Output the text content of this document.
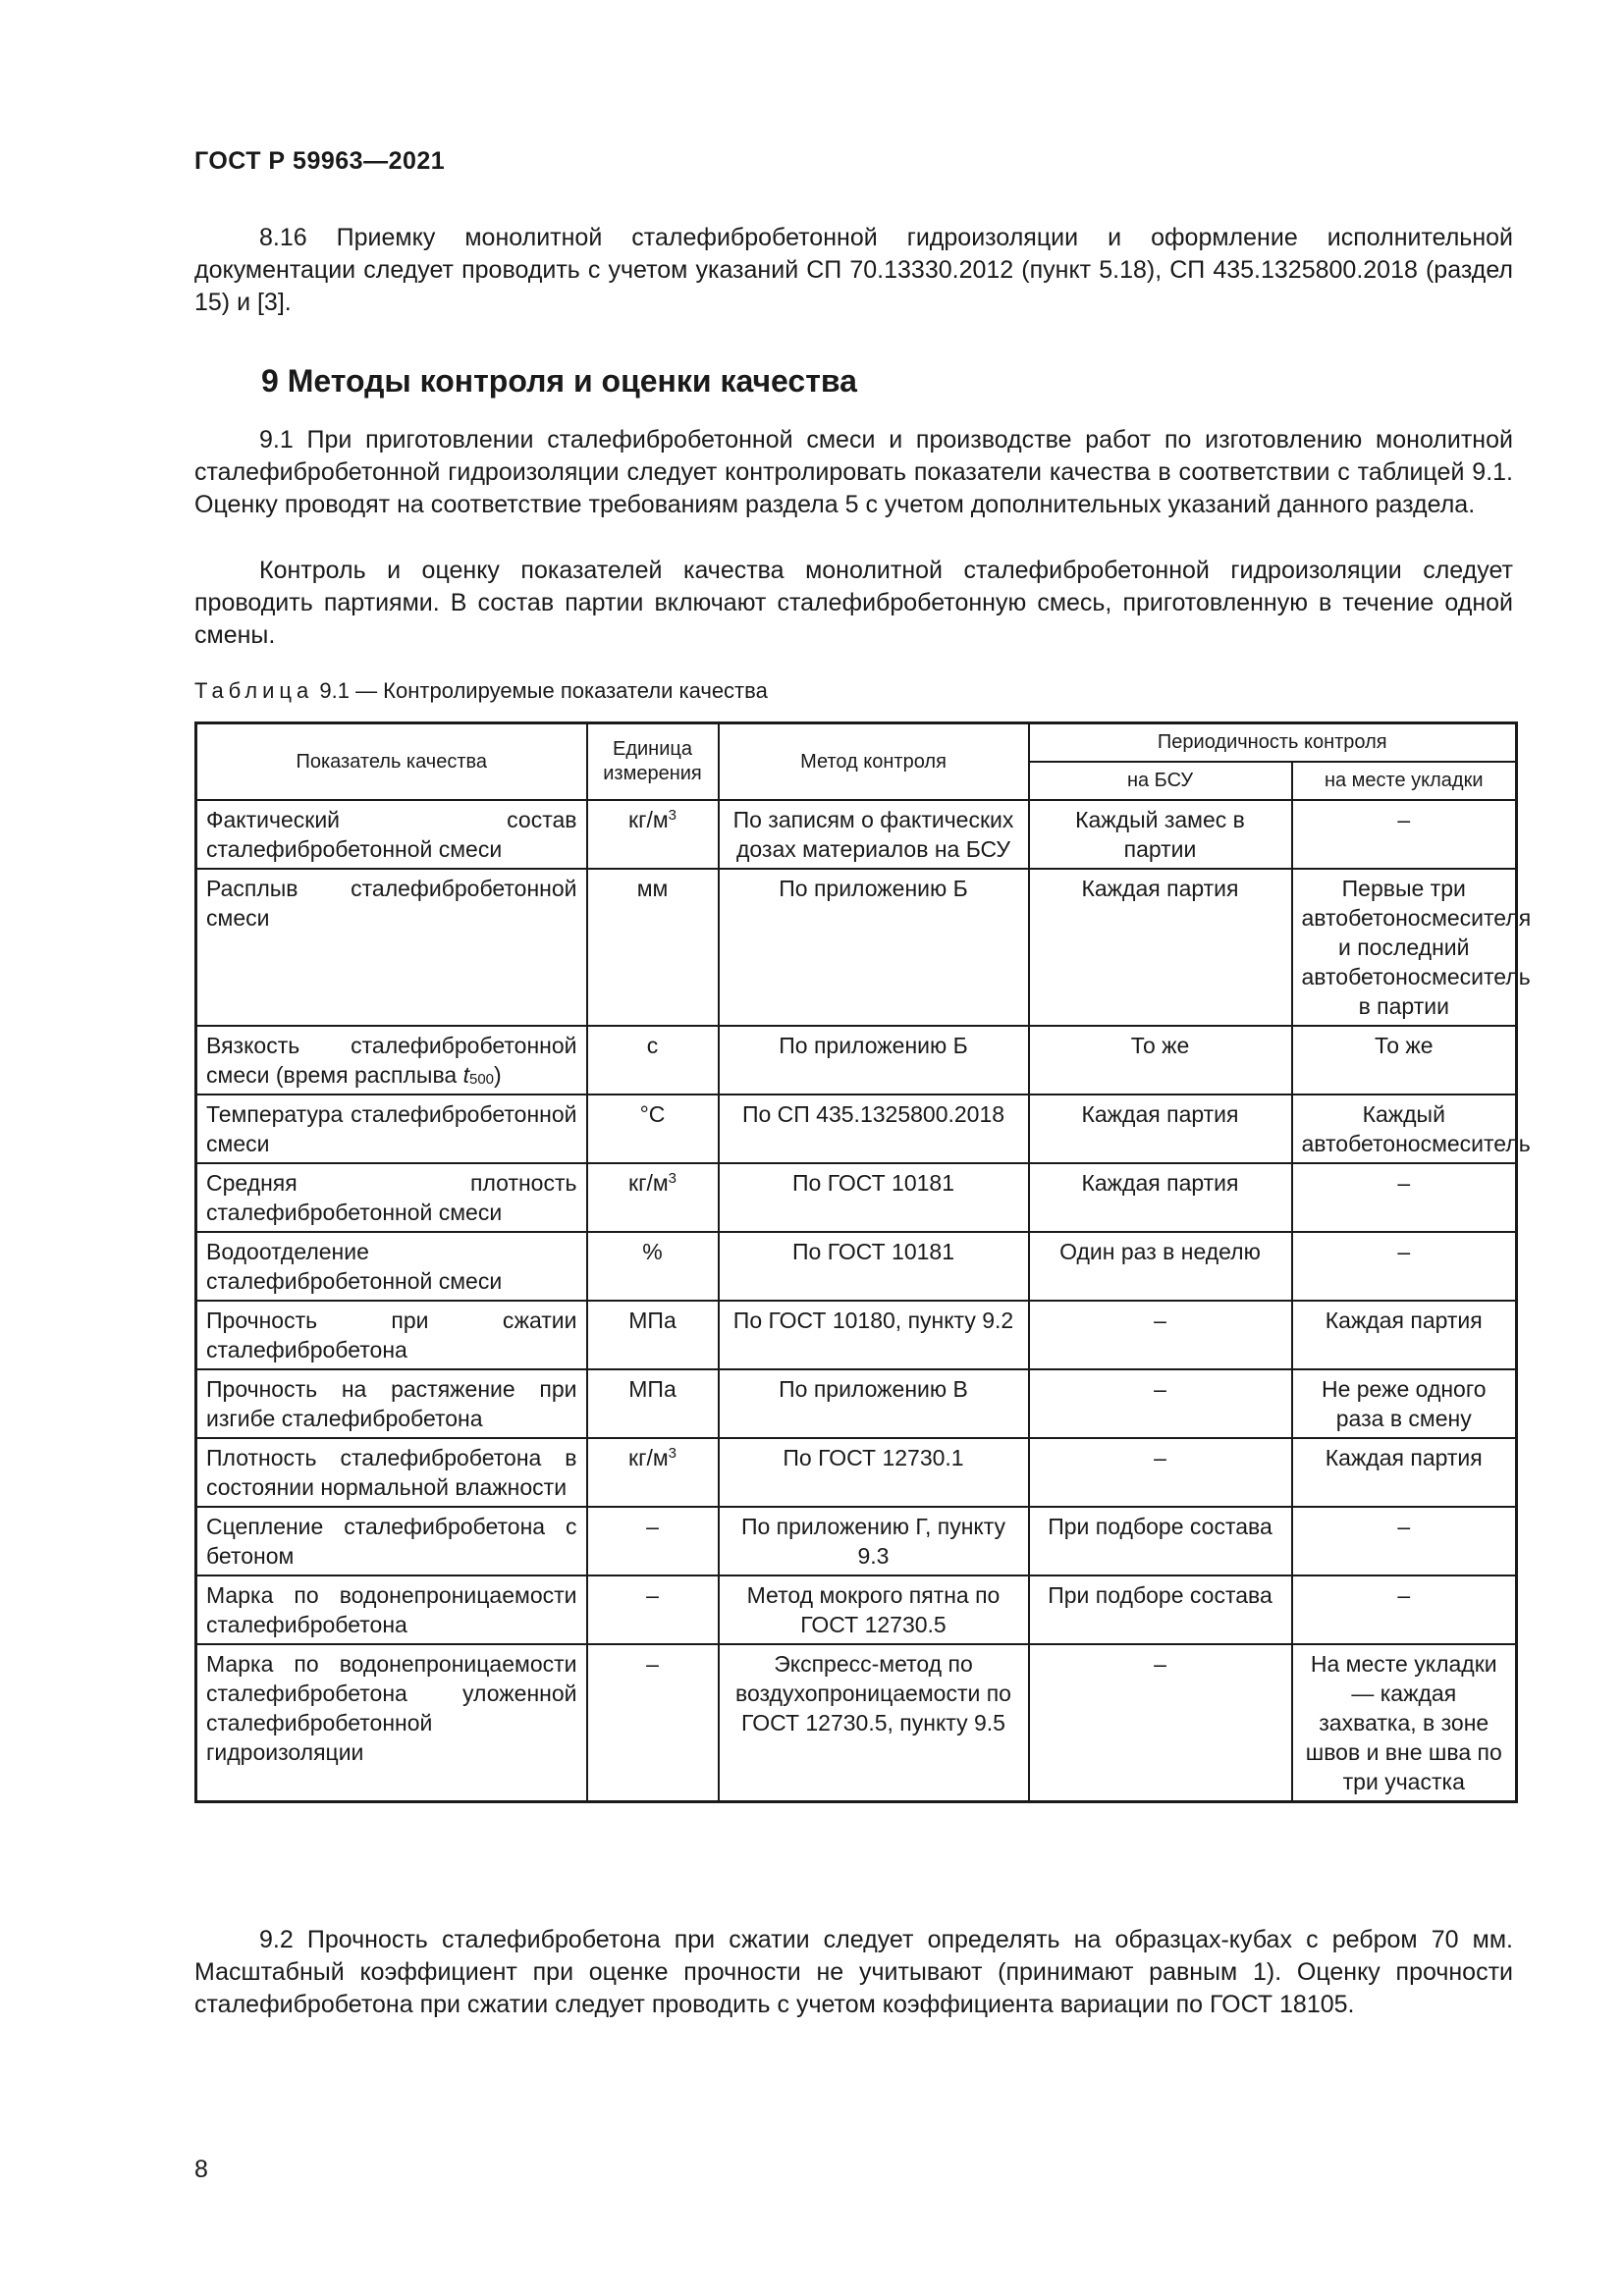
ГОСТ Р 59963—2021

8.16 Приемку монолитной сталефибробетонной гидроизоляции и оформление исполнительной документации следует проводить с учетом указаний СП 70.13330.2012 (пункт 5.18), СП 435.1325800.2018 (раздел 15) и [3].

9 Методы контроля и оценки качества

9.1 При приготовлении сталефибробетонной смеси и производстве работ по изготовлению монолитной сталефибробетонной гидроизоляции следует контролировать показатели качества в соответствии с таблицей 9.1. Оценку проводят на соответствие требованиям раздела 5 с учетом дополнительных указаний данного раздела.

Контроль и оценку показателей качества монолитной сталефибробетонной гидроизоляции следует проводить партиями. В состав партии включают сталефибробетонную смесь, приготовленную в течение одной смены.

Таблица 9.1 — Контролируемые показатели качества
Показатель качества	Единица измерения	Метод контроля	Периодичность контроля	
			на БСУ	на месте укладки
Фактический состав сталефибробетонной смеси	$кг/м^3$	По записям о фактических дозах материалов на БСУ	Каждый замес в партии	–
Расплыв сталефибробетонной смеси	мм	По приложению Б	Каждая партия	Первые три автобетоносмесителя и последний автобетоносмеситель в партии
Вязкость сталефибробетонной смеси (время расплыва $t_{500}$)	с	По приложению Б	То же	То же
Температура сталефибробетонной смеси	°С	По СП 435.1325800.2018	Каждая партия	Каждый автобетоносмеситель
Средняя плотность сталефибробетонной смеси	$кг/м^3$	По ГОСТ 10181	Каждая партия	–
Водоотделение сталефибробетонной смеси	%	По ГОСТ 10181	Один раз в неделю	–
Прочность при сжатии сталефибробетона	МПа	По ГОСТ 10180, пункту 9.2	–	Каждая партия
Прочность на растяжение при изгибе сталефибробетона	МПа	По приложению В	–	Не реже одного раза в смену
Плотность сталефибробетона в состоянии нормальной влажности	$кг/м^3$	По ГОСТ 12730.1	–	Каждая партия
Сцепление сталефибробетона с бетоном	–	По приложению Г, пункту 9.3	При подборе состава	–
Марка по водонепроницаемости сталефибробетона	–	Метод мокрого пятна по ГОСТ 12730.5	При подборе состава	–
Марка по водонепроницаемости сталефибробетона уложенной сталефибробетонной гидроизоляции	–	Экспресс-метод по воздухопроницаемости по ГОСТ 12730.5, пункту 9.5	–	На месте укладки — каждая захватка, в зоне швов и вне шва по три участка

9.2 Прочность сталефибробетона при сжатии следует определять на образцах-кубах с ребром 70 мм. Масштабный коэффициент при оценке прочности не учитывают (принимают равным 1). Оценку прочности сталефибробетона при сжатии следует проводить с учетом коэффициента вариации по ГОСТ 18105.

8
